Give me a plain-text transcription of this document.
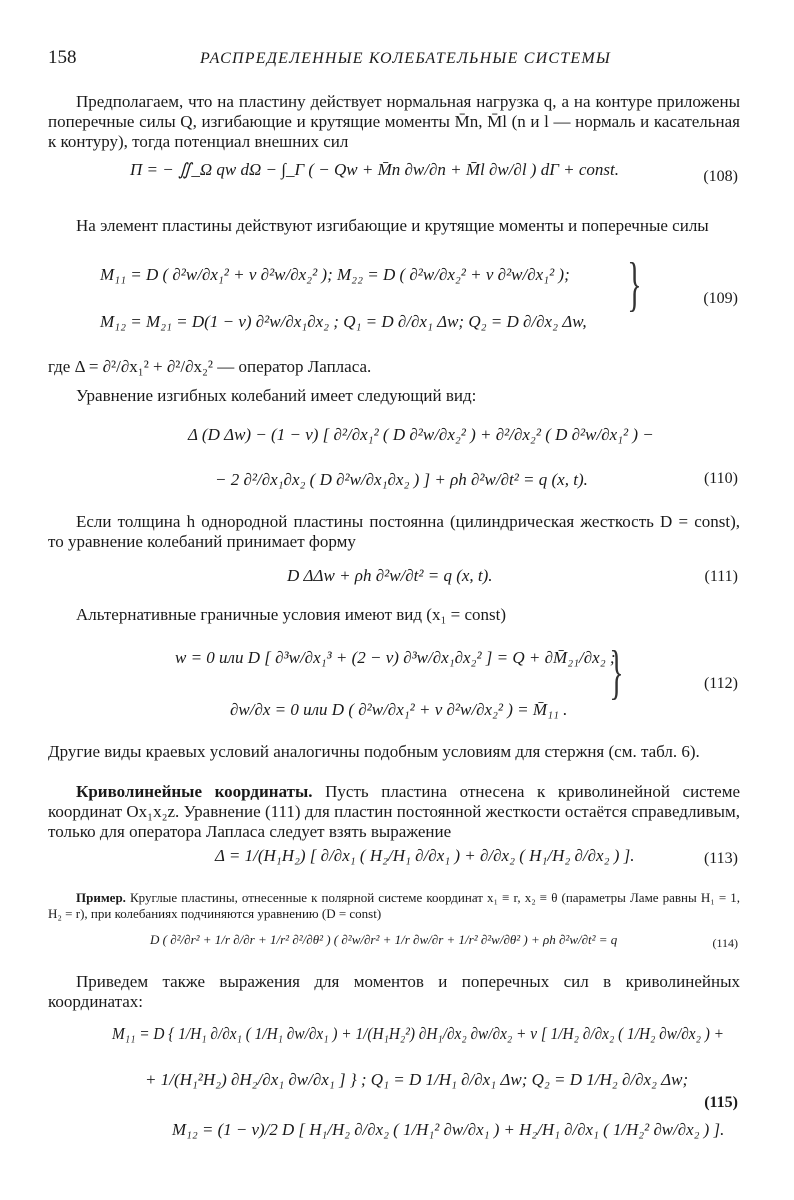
158	РАСПРЕДЕЛЕННЫЕ КОЛЕБАТЕЛЬНЫЕ СИСТЕМЫ
Предполагаем, что на пластину действует нормальная нагрузка q, а на контуре приложены поперечные силы Q, изгибающие и крутящие моменты M̄n, M̄l (n и l — нормаль и касательная к контуру), тогда потенциал внешних сил
Π = − ∬_Ω qw dΩ − ∫_Γ ( − Qw + M̄n ∂w/∂n + M̄l ∂w/∂l ) dΓ + const.	(108)
На элемент пластины действуют изгибающие и крутящие моменты и поперечные силы
M₁₁ = D ( ∂²w/∂x₁² + ν ∂²w/∂x₂² ); M₂₂ = D ( ∂²w/∂x₂² + ν ∂²w/∂x₁² );
M₁₂ = M₂₁ = D(1 − ν) ∂²w/∂x₁∂x₂ ; Q₁ = D ∂/∂x₁ Δw; Q₂ = D ∂/∂x₂ Δw,
}	(109)
где Δ = ∂²/∂x₁² + ∂²/∂x₂² — оператор Лапласа.
Уравнение изгибных колебаний имеет следующий вид:
Δ (D Δw) − (1 − ν) [ ∂²/∂x₁² ( D ∂²w/∂x₂² ) + ∂²/∂x₂² ( D ∂²w/∂x₁² ) −
− 2 ∂²/∂x₁∂x₂ ( D ∂²w/∂x₁∂x₂ ) ] + ρh ∂²w/∂t² = q (x, t).	(110)
Если толщина h однородной пластины постоянна (цилиндрическая жесткость D = const), то уравнение колебаний принимает форму
D ΔΔw + ρh ∂²w/∂t² = q (x, t).	(111)
Альтернативные граничные условия имеют вид (x₁ = const)
w = 0 или D [ ∂³w/∂x₁³ + (2 − ν) ∂³w/∂x₁∂x₂² ] = Q + ∂M̄₂₁/∂x₂ ;
∂w/∂x = 0 или D ( ∂²w/∂x₁² + ν ∂²w/∂x₂² ) = M̄₁₁ .
}	(112)
Другие виды краевых условий аналогичны подобным условиям для стержня (см. табл. 6).
Криволинейные координаты. Пусть пластина отнесена к криволинейной системе координат Ox₁x₂z. Уравнение (111) для пластин постоянной жесткости остаётся справедливым, только для оператора Лапласа следует взять выражение
Δ = 1/(H₁H₂) [ ∂/∂x₁ ( H₂/H₁ ∂/∂x₁ ) + ∂/∂x₂ ( H₁/H₂ ∂/∂x₂ ) ].	(113)
Пример. Круглые пластины, отнесенные к полярной системе координат x₁ ≡ r, x₂ ≡ θ (параметры Ламе равны H₁ = 1, H₂ = r), при колебаниях подчиняются уравнению (D = const)
D ( ∂²/∂r² + 1/r ∂/∂r + 1/r² ∂²/∂θ² ) ( ∂²w/∂r² + 1/r ∂w/∂r + 1/r² ∂²w/∂θ² ) + ρh ∂²w/∂t² = q	(114)
Приведем также выражения для моментов и поперечных сил в криволинейных координатах:
M₁₁ = D { 1/H₁ ∂/∂x₁ ( 1/H₁ ∂w/∂x₁ ) + 1/(H₁H₂²) ∂H₁/∂x₂ ∂w/∂x₂ + ν [ 1/H₂ ∂/∂x₂ ( 1/H₂ ∂w/∂x₂ ) +
+ 1/(H₁²H₂) ∂H₂/∂x₁ ∂w/∂x₁ ] } ; Q₁ = D 1/H₁ ∂/∂x₁ Δw; Q₂ = D 1/H₂ ∂/∂x₂ Δw;
M₁₂ = (1 − ν)/2 D [ H₁/H₂ ∂/∂x₂ ( 1/H₁² ∂w/∂x₁ ) + H₂/H₁ ∂/∂x₁ ( 1/H₂² ∂w/∂x₂ ) ].
(115)
